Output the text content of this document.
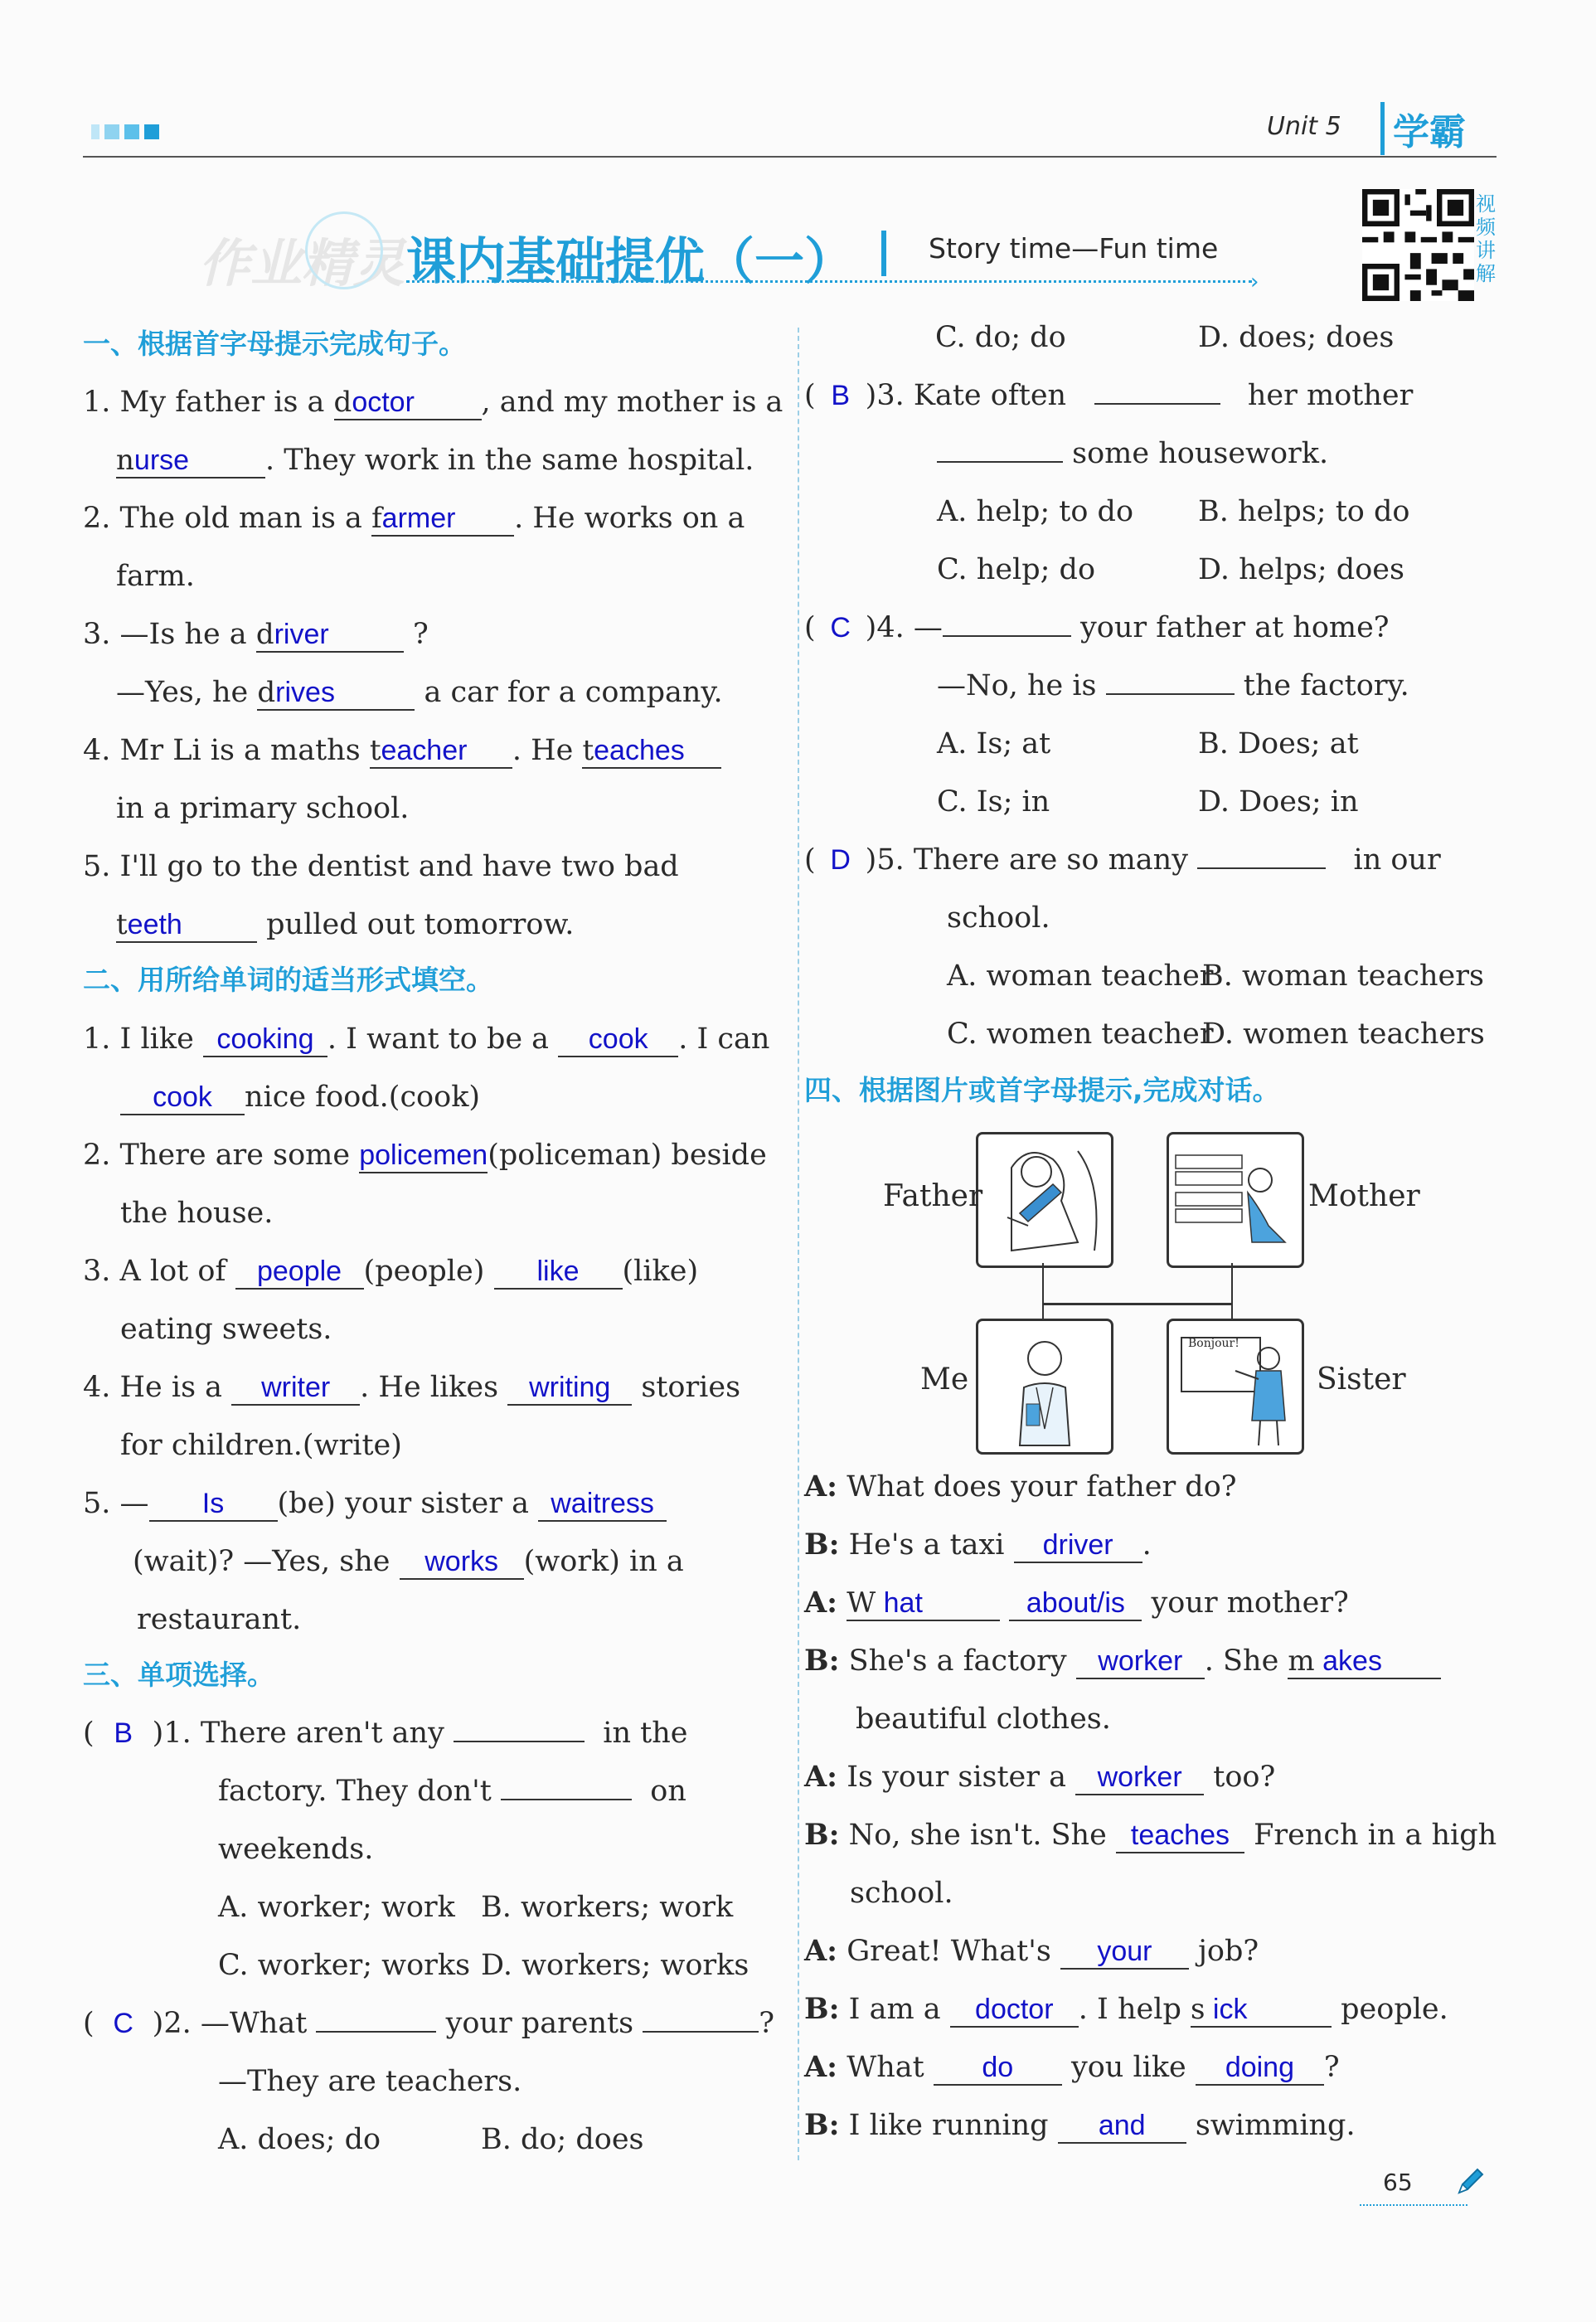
Unit 5	学霸
作业精灵 课内基础提优（一）	Story time—Fun time
›
视频讲解
一、根据首字母提示完成句子。
1. My father is a doctor , and my mother is a
nurse	. They work in the same hospital.
2. The old man is a farmer . He works on a
farm.
3. —Is he a driver	?
—Yes, he drives	a car for a company.
4. Mr Li is a maths teacher . He teaches
in a primary school.
5. I'll go to the dentist and have two bad
teeth	pulled out tomorrow.
二、用所给单词的适当形式填空。
1. I like cooking . I want to be a cook . I can
cook nice food.(cook)
2. There are some policemen(policeman) beside
the house.
3. A lot of people (people) like (like)
eating sweets.
4. He is a writer . He likes writing stories
for children.(write)
5. — Is (be) your sister a waitress
(wait)? —Yes, she works (work) in a
restaurant.
三、单项选择。
( B )1. There aren't any	in the
factory. They don't	on
weekends.
A. worker; work B. workers; work
C. worker; works D. workers; works
( C )2. —What	your parents	?
—They are teachers.
A. does; do	B. do; does
C. do; do	D. does; does
( B )3. Kate often	her mother
some housework.
A. help; to do B. helps; to do
C. help; do	D. helps; does
( C )4. —	your father at home?
—No, he is	the factory.
A. Is; at	B. Does; at
C. Is; in	D. Does; in
( D )5. There are so many	in our
school.
A. woman teacher
B. woman teachers
C. women teacher
D. women teachers
四、根据图片或首字母提示,完成对话。
Bonjour!
Father	Mother
Me	Sister
A: What does your father do?
B: He's a taxi driver .
A: W hat	about/is your mother?
B: She's a factory worker . She m akes
beautiful clothes.
A: Is your sister a worker too?
B: No, she isn't. She teaches French in a high
school.
A: Great! What's your job?
B: I am a doctor . I help s ick	people.
A: What do you like doing ?
B: I like running and swimming.
65
